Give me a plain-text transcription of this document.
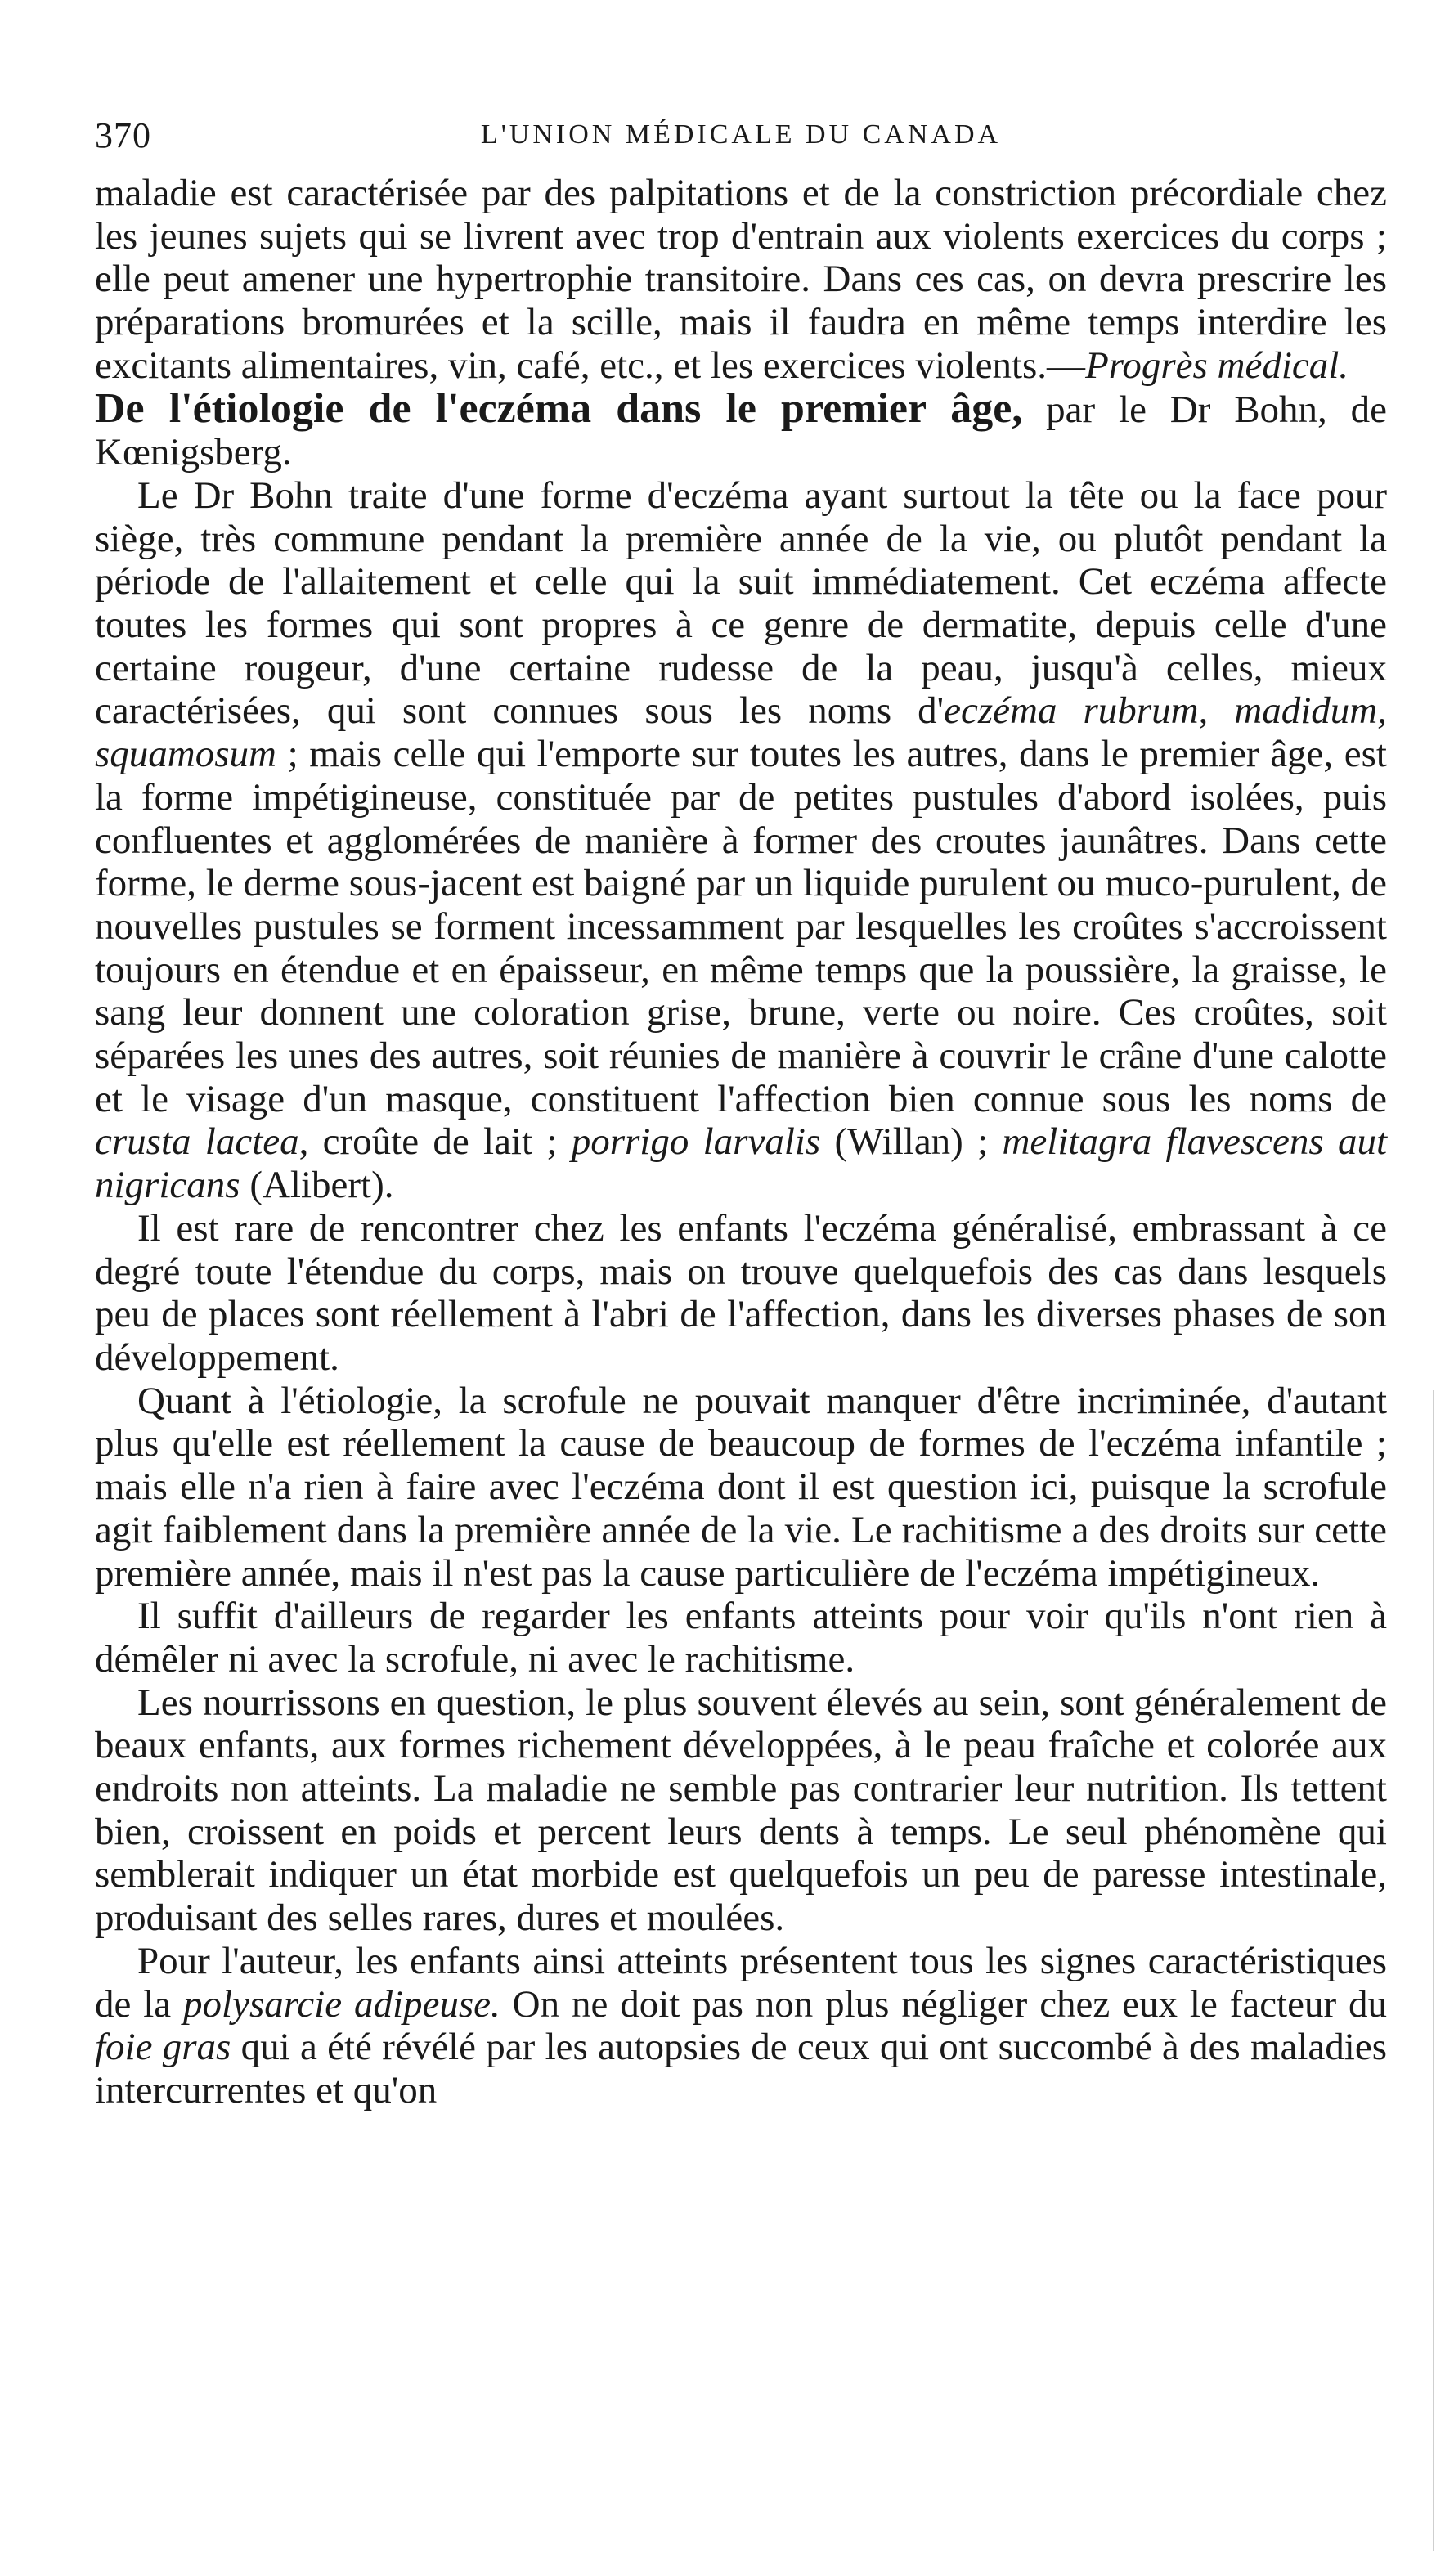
370	L'UNION MÉDICALE DU CANADA

maladie est caractérisée par des palpitations et de la constriction précordiale chez les jeunes sujets qui se livrent avec trop d'entrain aux violents exercices du corps ; elle peut amener une hypertrophie transitoire. Dans ces cas, on devra prescrire les préparations bromurées et la scille, mais il faudra en même temps interdire les excitants alimentaires, vin, café, etc., et les exercices violents.—Progrès médical.

De l'étiologie de l'eczéma dans le premier âge, par le Dr Bohn, de Kœnigsberg.

Le Dr Bohn traite d'une forme d'eczéma ayant surtout la tête ou la face pour siège, très commune pendant la première année de la vie, ou plutôt pendant la période de l'allaitement et celle qui la suit immédiatement. Cet eczéma affecte toutes les formes qui sont propres à ce genre de dermatite, depuis celle d'une certaine rougeur, d'une certaine rudesse de la peau, jusqu'à celles, mieux caractérisées, qui sont connues sous les noms d'eczéma rubrum, madidum, squamosum ; mais celle qui l'emporte sur toutes les autres, dans le premier âge, est la forme impétigineuse, constituée par de petites pustules d'abord isolées, puis confluentes et agglomérées de manière à former des croutes jaunâtres. Dans cette forme, le derme sous-jacent est baigné par un liquide purulent ou muco-purulent, de nouvelles pustules se forment incessamment par lesquelles les croûtes s'accroissent toujours en étendue et en épaisseur, en même temps que la poussière, la graisse, le sang leur donnent une coloration grise, brune, verte ou noire. Ces croûtes, soit séparées les unes des autres, soit réunies de manière à couvrir le crâne d'une calotte et le visage d'un masque, constituent l'affection bien connue sous les noms de crusta lactea, croûte de lait ; porrigo larvalis (Willan) ; melitagra flavescens aut nigricans (Alibert).

Il est rare de rencontrer chez les enfants l'eczéma généralisé, embrassant à ce degré toute l'étendue du corps, mais on trouve quelquefois des cas dans lesquels peu de places sont réellement à l'abri de l'affection, dans les diverses phases de son développement.

Quant à l'étiologie, la scrofule ne pouvait manquer d'être incriminée, d'autant plus qu'elle est réellement la cause de beaucoup de formes de l'eczéma infantile ; mais elle n'a rien à faire avec l'eczéma dont il est question ici, puisque la scrofule agit faiblement dans la première année de la vie. Le rachitisme a des droits sur cette première année, mais il n'est pas la cause particulière de l'eczéma impétigineux.

Il suffit d'ailleurs de regarder les enfants atteints pour voir qu'ils n'ont rien à démêler ni avec la scrofule, ni avec le rachitisme.

Les nourrissons en question, le plus souvent élevés au sein, sont généralement de beaux enfants, aux formes richement développées, à le peau fraîche et colorée aux endroits non atteints. La maladie ne semble pas contrarier leur nutrition. Ils tettent bien, croissent en poids et percent leurs dents à temps. Le seul phénomène qui semblerait indiquer un état morbide est quelquefois un peu de paresse intestinale, produisant des selles rares, dures et moulées.

Pour l'auteur, les enfants ainsi atteints présentent tous les signes caractéristiques de la polysarcie adipeuse. On ne doit pas non plus négliger chez eux le facteur du foie gras qui a été révélé par les autopsies de ceux qui ont succombé à des maladies intercurrentes et qu'on
